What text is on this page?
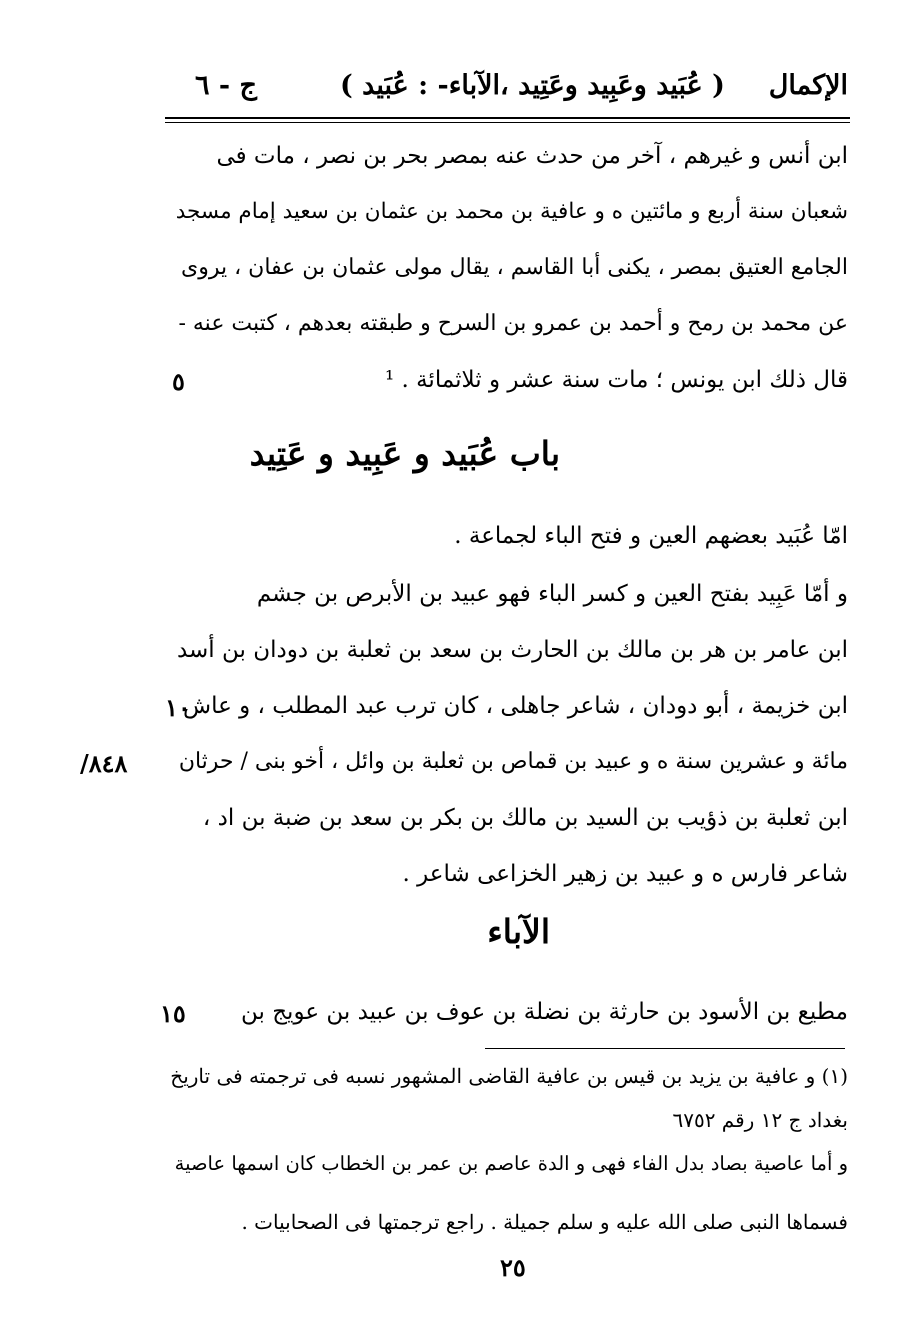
الإكمال
( عُبَيد وعَبِيد وعَتِيد ،الآباء- : عُبَيد )
ج - ٦
ابن أنس و غيرهم ، آخر من حدث عنه بمصر بحر بن نصر ، مات فى
شعبان سنة أربع و مائتين ه و عافية بن محمد بن عثمان بن سعيد إمام مسجد
الجامع العتيق بمصر ، يكنى أبا القاسم ، يقال مولى عثمان بن عفان ، يروى
عن محمد بن رمح و أحمد بن عمرو بن السرح و طبقته بعدهم ، كتبت عنه -
قال ذلك ابن يونس ؛ مات سنة عشر و ثلاثمائة . ¹
٥
باب عُبَيد و عَبِيد و عَتِيد
امّا عُبَيد بعضهم العين و فتح الباء لجماعة .
و أمّا عَبِيد بفتح العين و كسر الباء فهو عبيد بن الأبرص بن جشم
ابن عامر بن هر بن مالك بن الحارث بن سعد بن ثعلبة بن دودان بن أسد
ابن خزيمة ، أبو دودان ، شاعر جاهلى ، كان ترب عبد المطلب ، و عاش
١٠
مائة و عشرين سنة ه و عبيد بن قماص بن ثعلبة بن وائل ، أخو بنى / حرثان
٨٤٨/
ابن ثعلبة بن ذؤيب بن السيد بن مالك بن بكر بن سعد بن ضبة بن اد ،
شاعر فارس ه و عبيد بن زهير الخزاعى شاعر .
الآباء
مطيع بن الأسود بن حارثة بن نضلة بن عوف بن عبيد بن عويج بن
١٥
(١) و عافية بن يزيد بن قيس بن عافية القاضى المشهور نسبه فى ترجمته فى تاريخ
بغداد ج ١٢ رقم ٦٧٥٢
و أما عاصية بصاد بدل الفاء فهى و الدة عاصم بن عمر بن الخطاب كان اسمها عاصية
فسماها النبى صلى الله عليه و سلم جميلة . راجع ترجمتها فى الصحابيات .
٢٥
